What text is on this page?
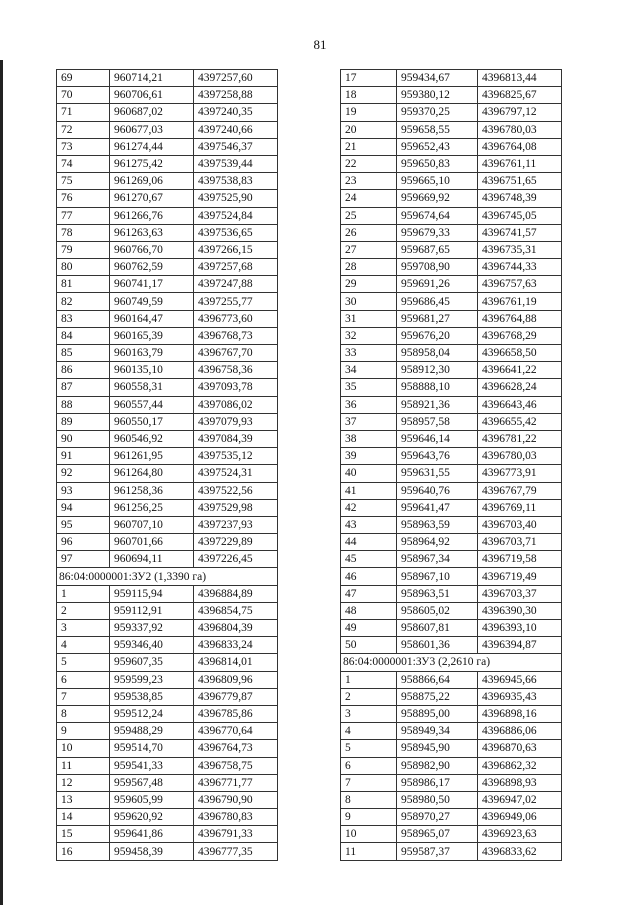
81
69	960714,21	4397257,60
70	960706,61	4397258,88
71	960687,02	4397240,35
72	960677,03	4397240,66
73	961274,44	4397546,37
74	961275,42	4397539,44
75	961269,06	4397538,83
76	961270,67	4397525,90
77	961266,76	4397524,84
78	961263,63	4397536,65
79	960766,70	4397266,15
80	960762,59	4397257,68
81	960741,17	4397247,88
82	960749,59	4397255,77
83	960164,47	4396773,60
84	960165,39	4396768,73
85	960163,79	4396767,70
86	960135,10	4396758,36
87	960558,31	4397093,78
88	960557,44	4397086,02
89	960550,17	4397079,93
90	960546,92	4397084,39
91	961261,95	4397535,12
92	961264,80	4397524,31
93	961258,36	4397522,56
94	961256,25	4397529,98
95	960707,10	4397237,93
96	960701,66	4397229,89
97	960694,11	4397226,45
86:04:0000001:ЗУ2 (1,3390 га)		
1	959115,94	4396884,89
2	959112,91	4396854,75
3	959337,92	4396804,39
4	959346,40	4396833,24
5	959607,35	4396814,01
6	959599,23	4396809,96
7	959538,85	4396779,87
8	959512,24	4396785,86
9	959488,29	4396770,64
10	959514,70	4396764,73
11	959541,33	4396758,75
12	959567,48	4396771,77
13	959605,99	4396790,90
14	959620,92	4396780,83
15	959641,86	4396791,33
16	959458,39	4396777,35
17	959434,67	4396813,44
18	959380,12	4396825,67
19	959370,25	4396797,12
20	959658,55	4396780,03
21	959652,43	4396764,08
22	959650,83	4396761,11
23	959665,10	4396751,65
24	959669,92	4396748,39
25	959674,64	4396745,05
26	959679,33	4396741,57
27	959687,65	4396735,31
28	959708,90	4396744,33
29	959691,26	4396757,63
30	959686,45	4396761,19
31	959681,27	4396764,88
32	959676,20	4396768,29
33	958958,04	4396658,50
34	958912,30	4396641,22
35	958888,10	4396628,24
36	958921,36	4396643,46
37	958957,58	4396655,42
38	959646,14	4396781,22
39	959643,76	4396780,03
40	959631,55	4396773,91
41	959640,76	4396767,79
42	959641,47	4396769,11
43	958963,59	4396703,40
44	958964,92	4396703,71
45	958967,34	4396719,58
46	958967,10	4396719,49
47	958963,51	4396703,37
48	958605,02	4396390,30
49	958607,81	4396393,10
50	958601,36	4396394,87
86:04:0000001:ЗУ3 (2,2610 га)		
1	958866,64	4396945,66
2	958875,22	4396935,43
3	958895,00	4396898,16
4	958949,34	4396886,06
5	958945,90	4396870,63
6	958982,90	4396862,32
7	958986,17	4396898,93
8	958980,50	4396947,02
9	958970,27	4396949,06
10	958965,07	4396923,63
11	959587,37	4396833,62
